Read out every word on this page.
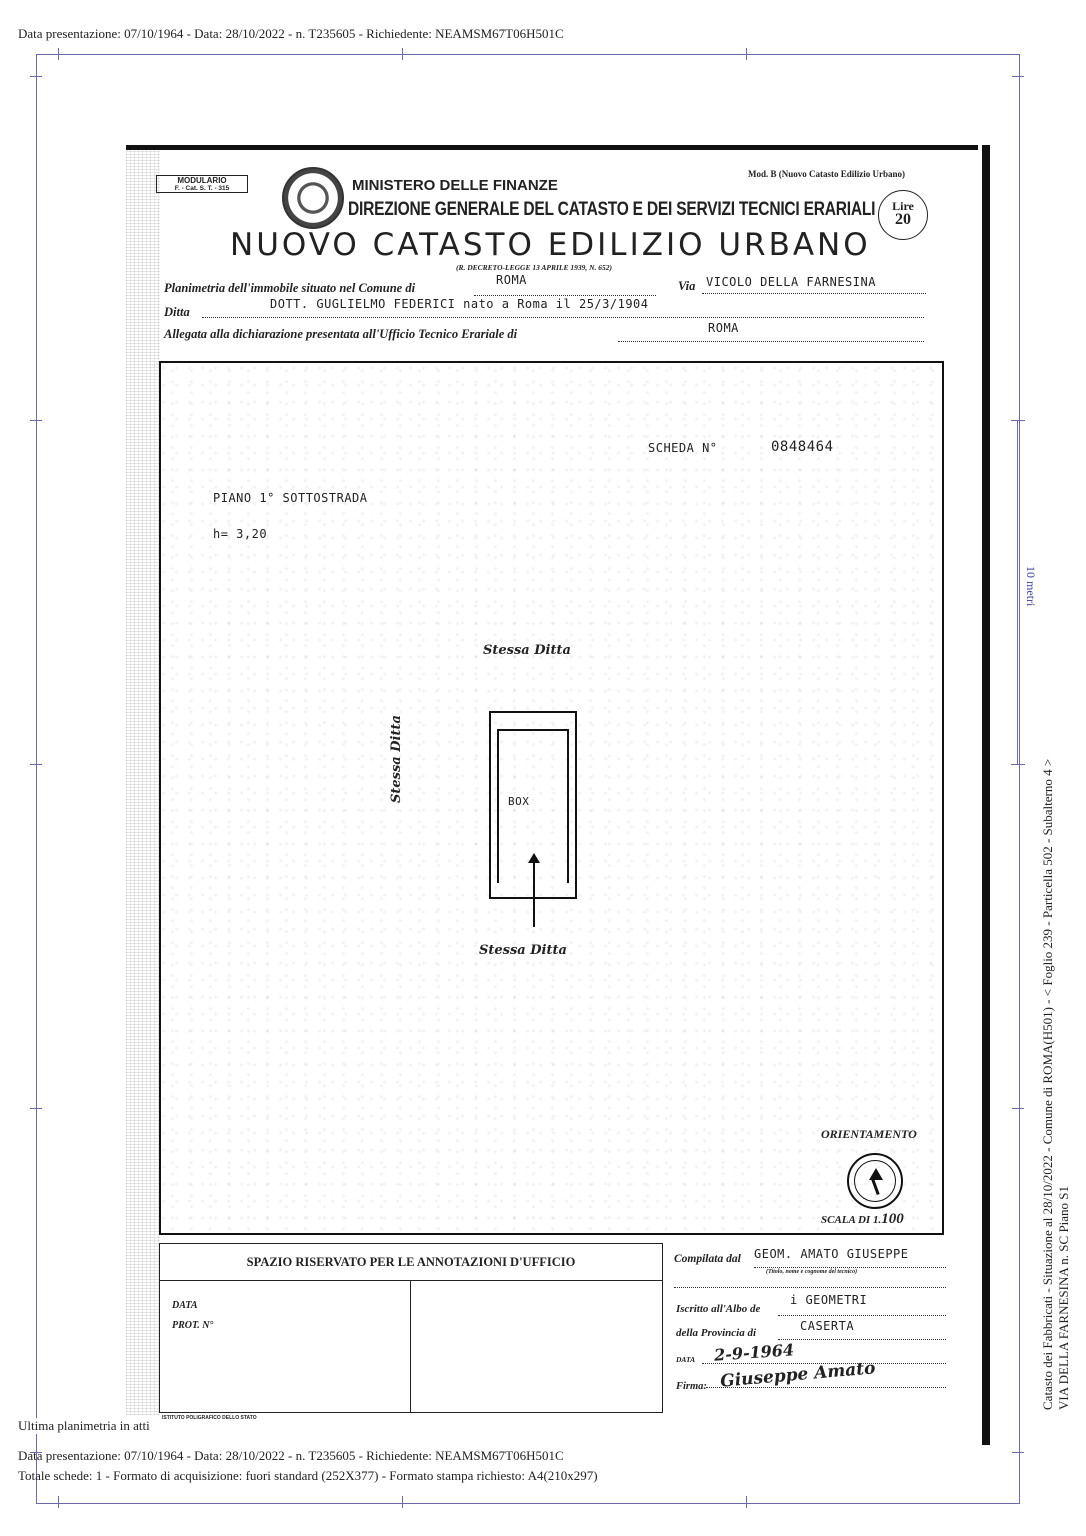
Data presentazione: 07/10/1964 - Data: 28/10/2022 - n. T235605 - Richiedente: NEAMSM67T06H501C
10 metri
MODULARIO
F. - Cat. S. T. - 315	MINISTERO DELLE FINANZE
DIREZIONE GENERALE DEL CATASTO E DEI SERVIZI TECNICI ERARIALI
NUOVO CATASTO EDILIZIO URBANO
(R. DECRETO-LEGGE 13 APRILE 1939, N. 652)
Mod. B (Nuovo Catasto Edilizio Urbano)
Lire
20
Planimetria dell'immobile situato nel Comune di
ROMA	Via VICOLO DELLA FARNESINA
Ditta
DOTT. GUGLIELMO FEDERICI nato a Roma il 25/3/1904
Allegata alla dichiarazione presentata all'Ufficio Tecnico Erariale di	ROMA
SCHEDA N°	0848464
PIANO 1° SOTTOSTRADA
h= 3,20
Stessa Ditta
Stessa Ditta
Stessa Ditta
BOX
ORIENTAMENTO
SCALA DI 1.100
SPAZIO RISERVATO PER LE ANNOTAZIONI D'UFFICIO
DATA
PROT. N°
ISTITUTO POLIGRAFICO DELLO STATO
Compilata dal GEOM. AMATO GIUSEPPE
(Titolo, nome e cognome del tecnico)
Iscritto all'Albo de
i GEOMETRI
della Provincia di	CASERTA
DATA 2-9-1964
Firma: Giuseppe Amato
Ultima planimetria in atti
Data presentazione: 07/10/1964 - Data: 28/10/2022 - n. T235605 - Richiedente: NEAMSM67T06H501C
Totale schede: 1 - Formato di acquisizione: fuori standard (252X377) - Formato stampa richiesto: A4(210x297)
Catasto dei Fabbricati - Situazione al 28/10/2022 - Comune di ROMA(H501) - < Foglio 239 - Particella 502 - Subalterno 4 > VIA DELLA FARNESINA n. SC Piano S1
